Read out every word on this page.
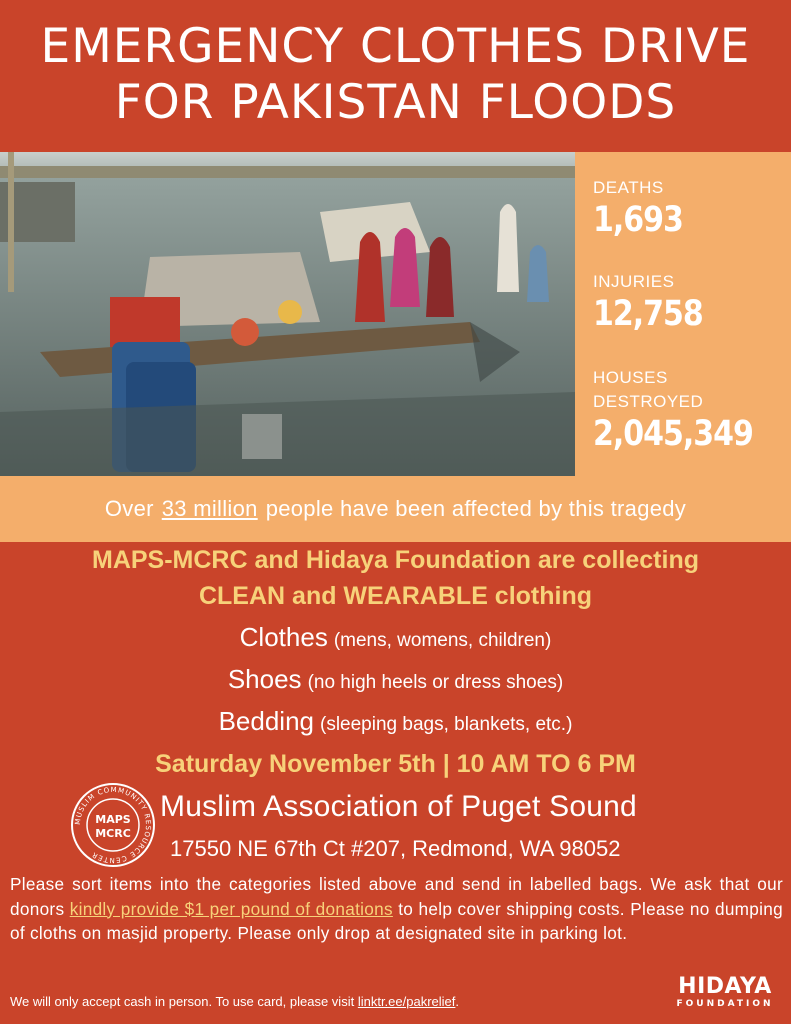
EMERGENCY CLOTHES DRIVE
FOR PAKISTAN FLOODS
DEATHS
1,693
INJURIES
12,758
HOUSES
DESTROYED
2,045,349
Over 33 million people have been affected by this tragedy
MAPS-MCRC and Hidaya Foundation are collecting
CLEAN and WEARABLE clothing
Clothes (mens, womens, children)
Shoes (no high heels or dress shoes)
Bedding (sleeping bags, blankets, etc.)
Saturday November 5th | 10 AM TO 6 PM
MUSLIM COMMUNITY RESOURCE CENTER
MAPS
MCRC
Muslim Association of Puget Sound
17550 NE 67th Ct #207, Redmond, WA 98052
Please sort items into the categories listed above and send in labelled bags. We ask that our donors kindly provide $1 per pound of donations to help cover shipping costs. Please no dumping of cloths on masjid property. Please only drop at designated site in parking lot.
We will only accept cash in person. To use card, please visit linktr.ee/pakrelief.
HIDAYA
FOUNDATION
